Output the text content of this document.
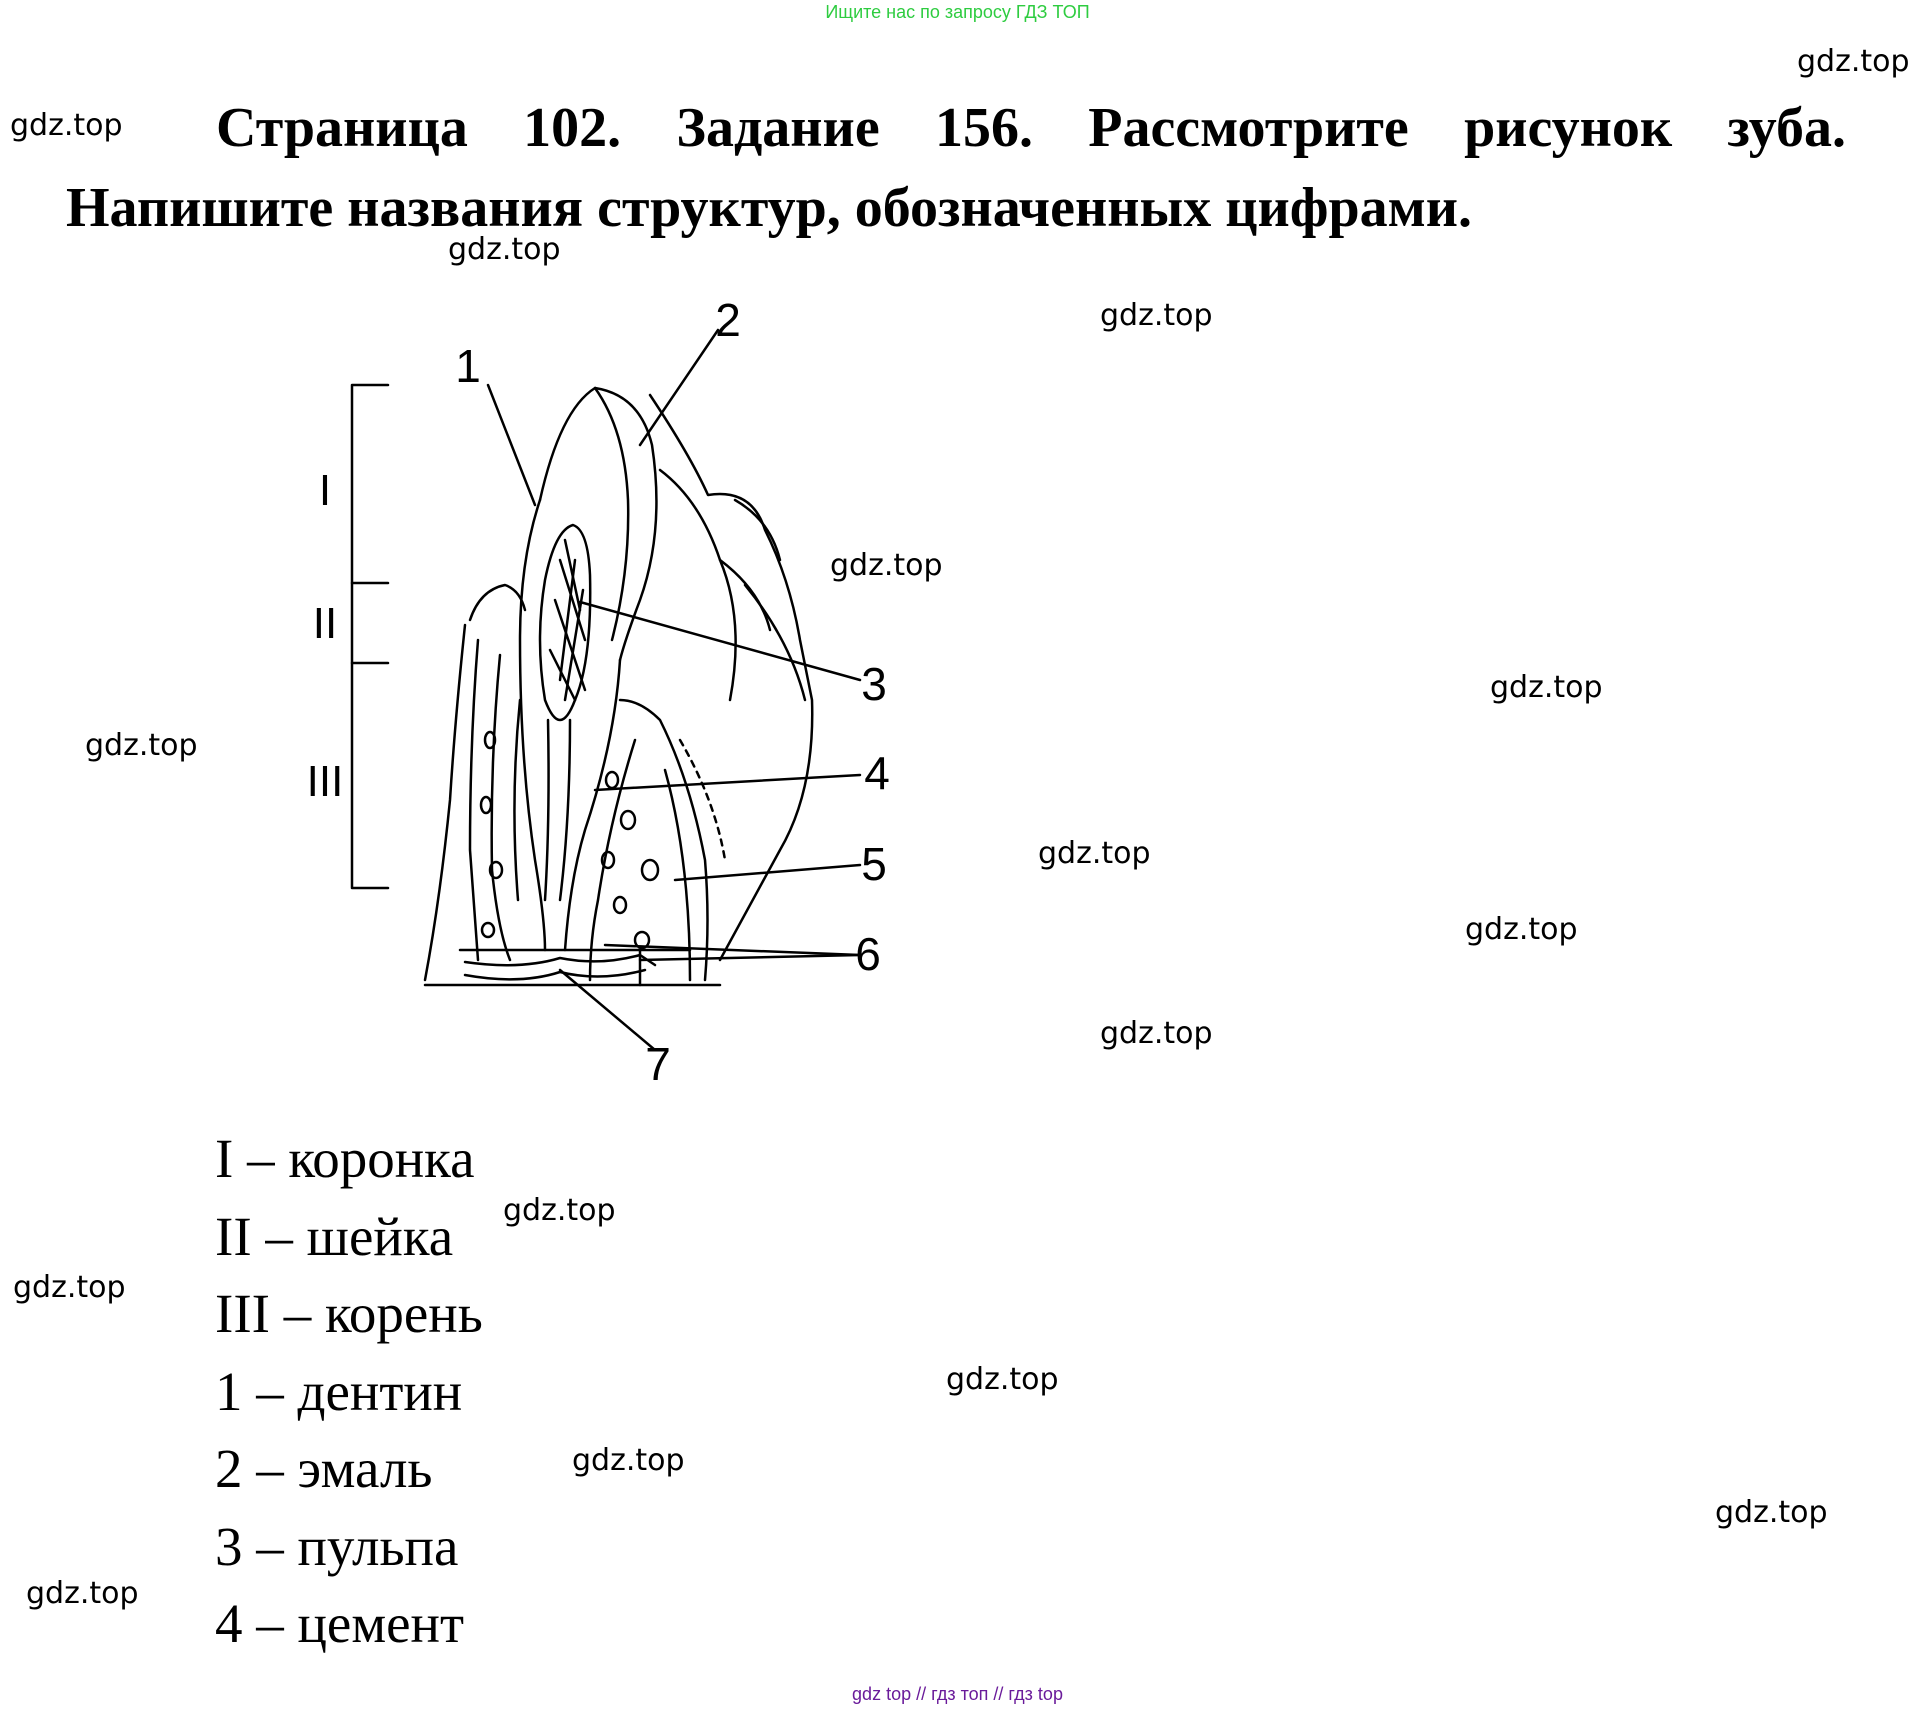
Ищите нас по запросу ГДЗ ТОП
Страница 102. Задание 156. Рассмотрите рисунок зуба.
Напишите названия структур, обозначенных цифрами.
gdz.top
gdz.top
gdz.top
gdz.top
gdz.top
gdz.top
gdz.top
gdz.top
gdz.top
gdz.top
gdz.top
gdz.top
gdz.top
gdz.top
gdz.top
gdz.top
I
II
III
1
2
3
4
5
6
7
I – коронка
II – шейка
III – корень
1 – дентин
2 – эмаль
3 – пульпа
4 – цемент
gdz top // гдз топ // гдз top
